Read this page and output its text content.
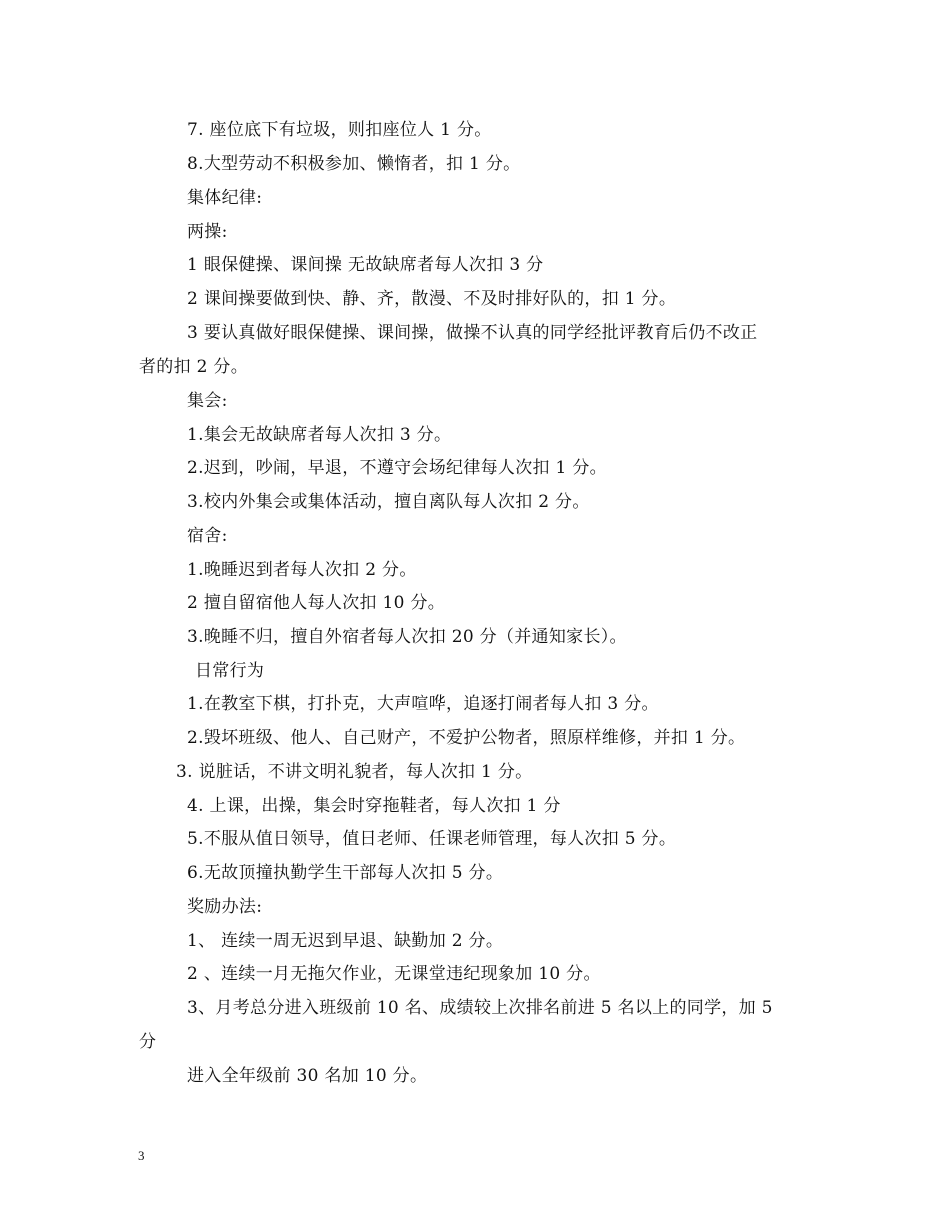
7. 座位底下有垃圾，则扣座位人 1 分。
8.大型劳动不积极参加、懒惰者，扣 1 分。
集体纪律:
两操:
1 眼保健操、课间操 无故缺席者每人次扣 3 分
2 课间操要做到快、静、齐，散漫、不及时排好队的，扣 1 分。
3 要认真做好眼保健操、课间操，做操不认真的同学经批评教育后仍不改正
者的扣 2 分。
集会:
1.集会无故缺席者每人次扣 3 分。
2.迟到，吵闹，早退，不遵守会场纪律每人次扣 1 分。
3.校内外集会或集体活动，擅自离队每人次扣 2 分。
宿舍:
1.晚睡迟到者每人次扣 2 分。
2 擅自留宿他人每人次扣 10 分。
3.晚睡不归，擅自外宿者每人次扣 20 分（并通知家长）。
日常行为
1.在教室下棋，打扑克，大声喧哗，追逐打闹者每人扣 3 分。
2.毁坏班级、他人、自己财产，不爱护公物者，照原样维修，并扣 1 分。
3. 说脏话，不讲文明礼貌者，每人次扣 1 分。
4. 上课，出操，集会时穿拖鞋者，每人次扣 1 分
5.不服从值日领导，值日老师、任课老师管理，每人次扣 5 分。
6.无故顶撞执勤学生干部每人次扣 5 分。
奖励办法:
1、 连续一周无迟到早退、缺勤加 2 分。
2 、连续一月无拖欠作业，无课堂违纪现象加 10 分。
3、月考总分进入班级前 10 名、成绩较上次排名前进 5 名以上的同学，加 5
分
进入全年级前 30 名加 10 分。
3
